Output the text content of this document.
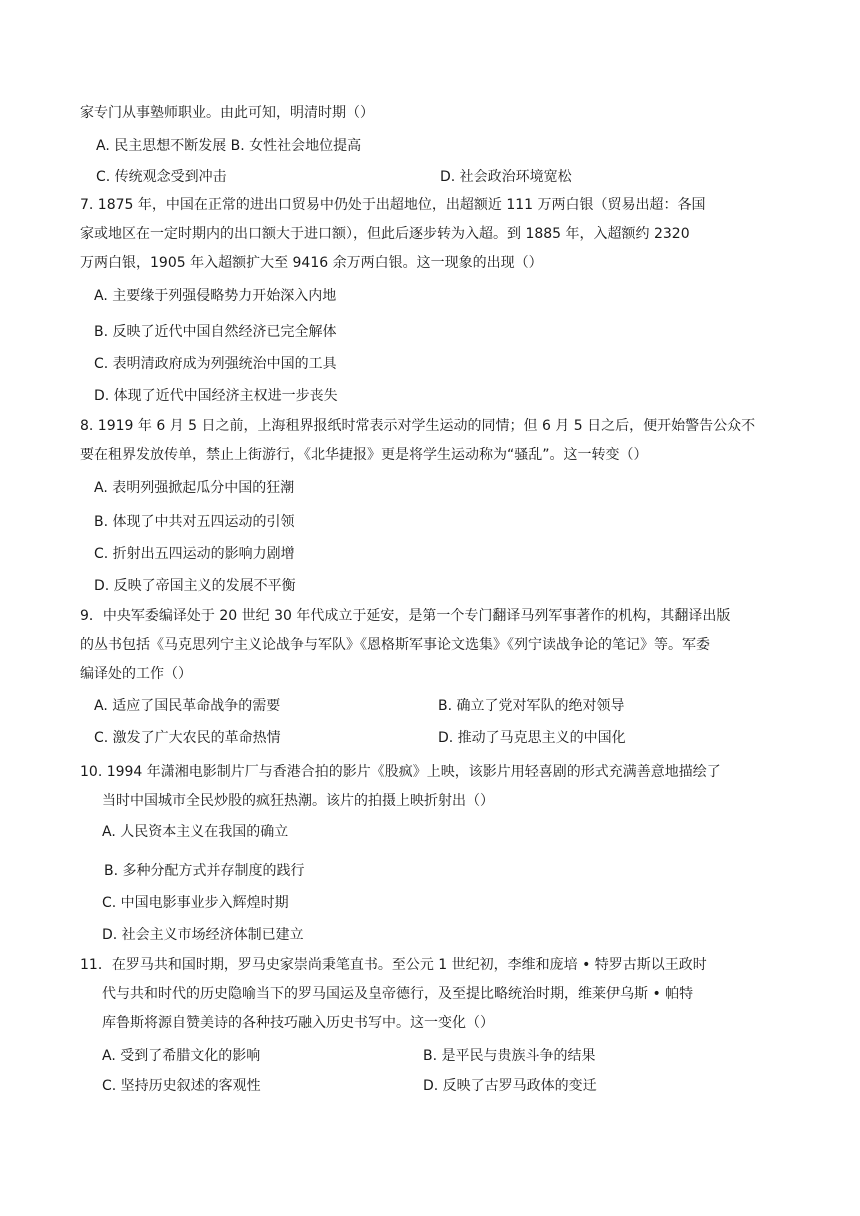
家专门从事塾师职业。由此可知，明清时期（）
A. 民主思想不断发展 B. 女性社会地位提高
C. 传统观念受到冲击	D. 社会政治环境宽松
7. 1875 年，中国在正常的进出口贸易中仍处于出超地位，出超额近 111 万两白银（贸易出超：各国
家或地区在一定时期内的出口额大于进口额），但此后逐步转为入超。到 1885 年，入超额约 2320
万两白银，1905 年入超额扩大至 9416 余万两白银。这一现象的出现（）
A. 主要缘于列强侵略势力开始深入内地
B. 反映了近代中国自然经济已完全解体
C. 表明清政府成为列强统治中国的工具
D. 体现了近代中国经济主权进一步丧失
8. 1919 年 6 月 5 日之前，上海租界报纸时常表示对学生运动的同情；但 6 月 5 日之后，便开始警告公众不
要在租界发放传单，禁止上街游行，《北华捷报》更是将学生运动称为“骚乱”。这一转变（）
A. 表明列强掀起瓜分中国的狂潮
B. 体现了中共对五四运动的引领
C. 折射出五四运动的影响力剧增
D. 反映了帝国主义的发展不平衡
9．中央军委编译处于 20 世纪 30 年代成立于延安，是第一个专门翻译马列军事著作的机构，其翻译出版
的丛书包括《马克思列宁主义论战争与军队》《恩格斯军事论文选集》《列宁读战争论的笔记》等。军委
编译处的工作（）
A. 适应了国民革命战争的需要	B. 确立了党对军队的绝对领导
C. 激发了广大农民的革命热情	D. 推动了马克思主义的中国化
10. 1994 年潇湘电影制片厂与香港合拍的影片《股疯》上映，该影片用轻喜剧的形式充满善意地描绘了
当时中国城市全民炒股的疯狂热潮。该片的拍摄上映折射出（）
A. 人民资本主义在我国的确立
B. 多种分配方式并存制度的践行
C. 中国电影事业步入辉煌时期
D. 社会主义市场经济体制已建立
11．在罗马共和国时期，罗马史家崇尚秉笔直书。至公元 1 世纪初，李维和庞培 • 特罗古斯以王政时
代与共和时代的历史隐喻当下的罗马国运及皇帝德行，及至提比略统治时期，维莱伊乌斯 • 帕特
库鲁斯将源自赞美诗的各种技巧融入历史书写中。这一变化（）
A. 受到了希腊文化的影响	B. 是平民与贵族斗争的结果
C. 坚持历史叙述的客观性	D. 反映了古罗马政体的变迁
